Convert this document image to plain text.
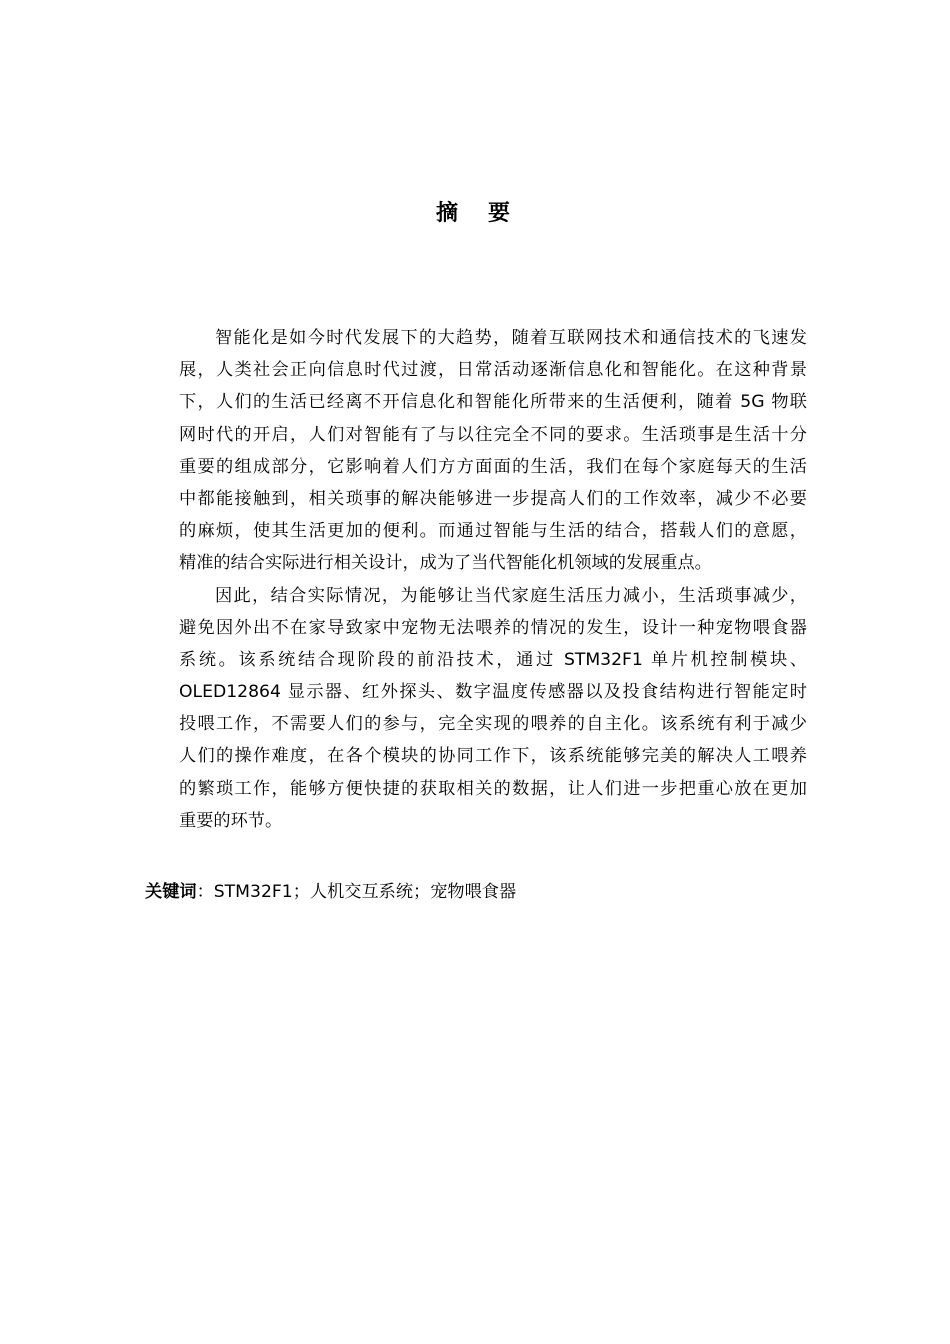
摘 要
智能化是如今时代发展下的大趋势，随着互联网技术和通信技术的飞速发
展，人类社会正向信息时代过渡，日常活动逐渐信息化和智能化。在这种背景
下，人们的生活已经离不开信息化和智能化所带来的生活便利，随着 5G 物联
网时代的开启，人们对智能有了与以往完全不同的要求。生活琐事是生活十分
重要的组成部分，它影响着人们方方面面的生活，我们在每个家庭每天的生活
中都能接触到，相关琐事的解决能够进一步提高人们的工作效率，减少不必要
的麻烦，使其生活更加的便利。而通过智能与生活的结合，搭载人们的意愿，
精准的结合实际进行相关设计，成为了当代智能化机领域的发展重点。
因此，结合实际情况，为能够让当代家庭生活压力减小，生活琐事减少，
避免因外出不在家导致家中宠物无法喂养的情况的发生，设计一种宠物喂食器
系统。该系统结合现阶段的前沿技术，通过 STM32F1 单片机控制模块、
OLED12864 显示器、红外探头、数字温度传感器以及投食结构进行智能定时
投喂工作，不需要人们的参与，完全实现的喂养的自主化。该系统有利于减少
人们的操作难度，在各个模块的协同工作下，该系统能够完美的解决人工喂养
的繁琐工作，能够方便快捷的获取相关的数据，让人们进一步把重心放在更加
重要的环节。
关键词：STM32F1；人机交互系统；宠物喂食器
